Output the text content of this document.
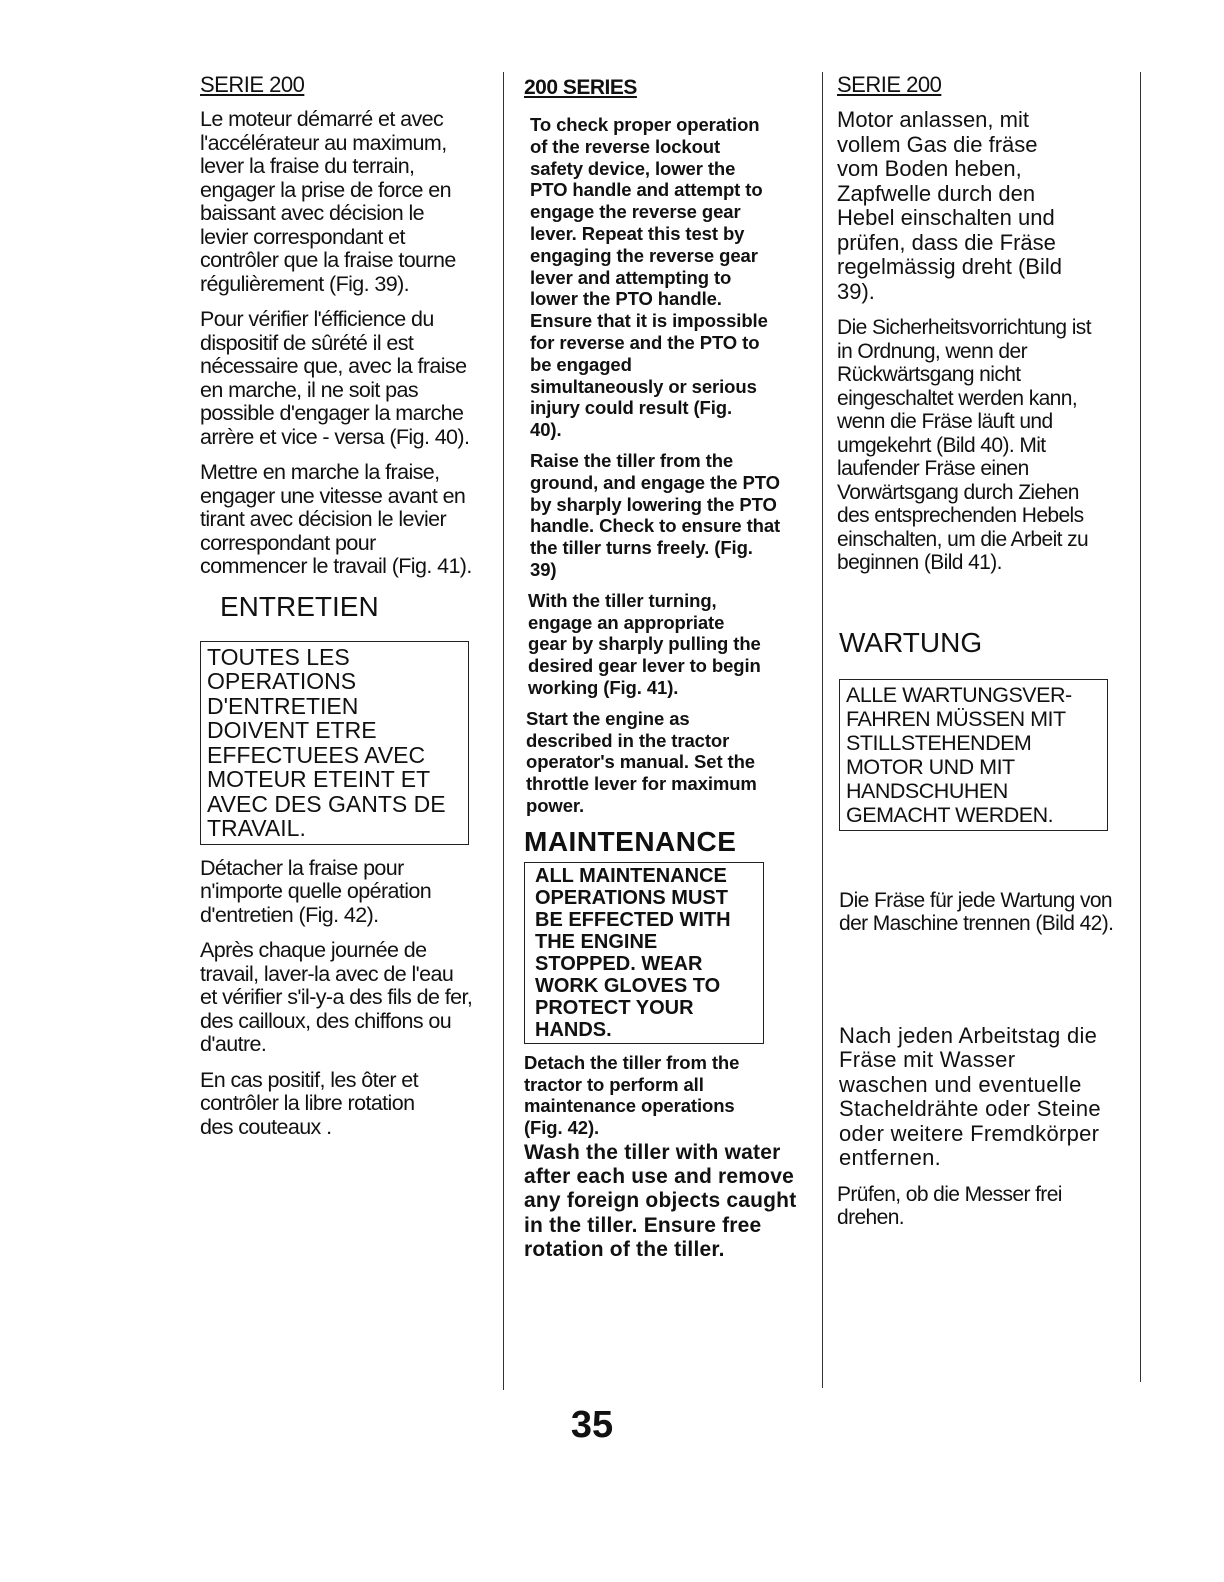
SERIE 200

Le moteur démarré et avec l'accélérateur au maximum, lever la fraise du terrain, engager la prise de force en baissant avec décision le levier correspondant et contrôler que la fraise tourne régulièrement (Fig. 39).

Pour vérifier l'éfficience du dispositif de sûrété il est nécessaire que, avec la fraise en marche, il ne soit pas possible d'engager la marche arrère et vice - versa (Fig. 40).

Mettre en marche la fraise, engager une vitesse avant en tirant avec décision le levier correspondant pour commencer le travail (Fig. 41).

ENTRETIEN
TOUTES LES OPERATIONS D'ENTRETIEN DOIVENT ETRE EFFECTUEES AVEC MOTEUR ETEINT ET AVEC DES GANTS DE TRAVAIL.

Détacher la fraise pour n'importe quelle opération d'entretien (Fig. 42).

Après chaque journée de travail, laver-la avec de l'eau et vérifier s'il-y-a des fils de fer, des cailloux, des chiffons ou d'autre.

En cas positif, les ôter et contrôler la libre rotation des couteaux .

200 SERIES

To check proper operation of the reverse lockout safety device, lower the PTO handle and attempt to engage the reverse gear lever. Repeat this test by engaging the reverse gear lever and attempting to lower the PTO handle. Ensure that it is impossible for reverse and the PTO to be engaged simultaneously or serious injury could result (Fig. 40).

Raise the tiller from the ground, and engage the PTO by sharply lowering the PTO handle. Check to ensure that the tiller turns freely. (Fig. 39)

With the tiller turning, engage an appropriate gear by sharply pulling the desired gear lever to begin working (Fig. 41).

Start the engine as described in the tractor operator's manual. Set the throttle lever for maximum power.

MAINTENANCE
ALL MAINTENANCE OPERATIONS MUST BE EFFECTED WITH THE ENGINE STOPPED. WEAR WORK GLOVES TO PROTECT YOUR HANDS.

Detach the tiller from the tractor to perform all maintenance operations (Fig. 42).

Wash the tiller with water after each use and remove any foreign objects caught in the tiller. Ensure free rotation of the tiller.

SERIE 200

Motor anlassen, mit vollem Gas die fräse vom Boden heben, Zapfwelle durch den Hebel einschalten und prüfen, dass die Fräse regelmässig dreht (Bild 39).

Die Sicherheitsvorrichtung ist in Ordnung, wenn der Rückwärtsgang nicht eingeschaltet werden kann, wenn die Fräse läuft und umgekehrt (Bild 40). Mit laufender Fräse einen Vorwärtsgang durch Ziehen des entsprechenden Hebels einschalten, um die Arbeit zu beginnen (Bild 41).

WARTUNG
ALLE WARTUNGSVER-FAHREN MÜSSEN MIT STILLSTEHENDEM MOTOR UND MIT HANDSCHUHEN GEMACHT WERDEN.

Die Fräse für jede Wartung von der Maschine trennen (Bild 42).

Nach jeden Arbeitstag die Fräse mit Wasser waschen und eventuelle Stacheldrähte oder Steine oder weitere Fremdkörper entfernen.

Prüfen, ob die Messer frei drehen.

35
